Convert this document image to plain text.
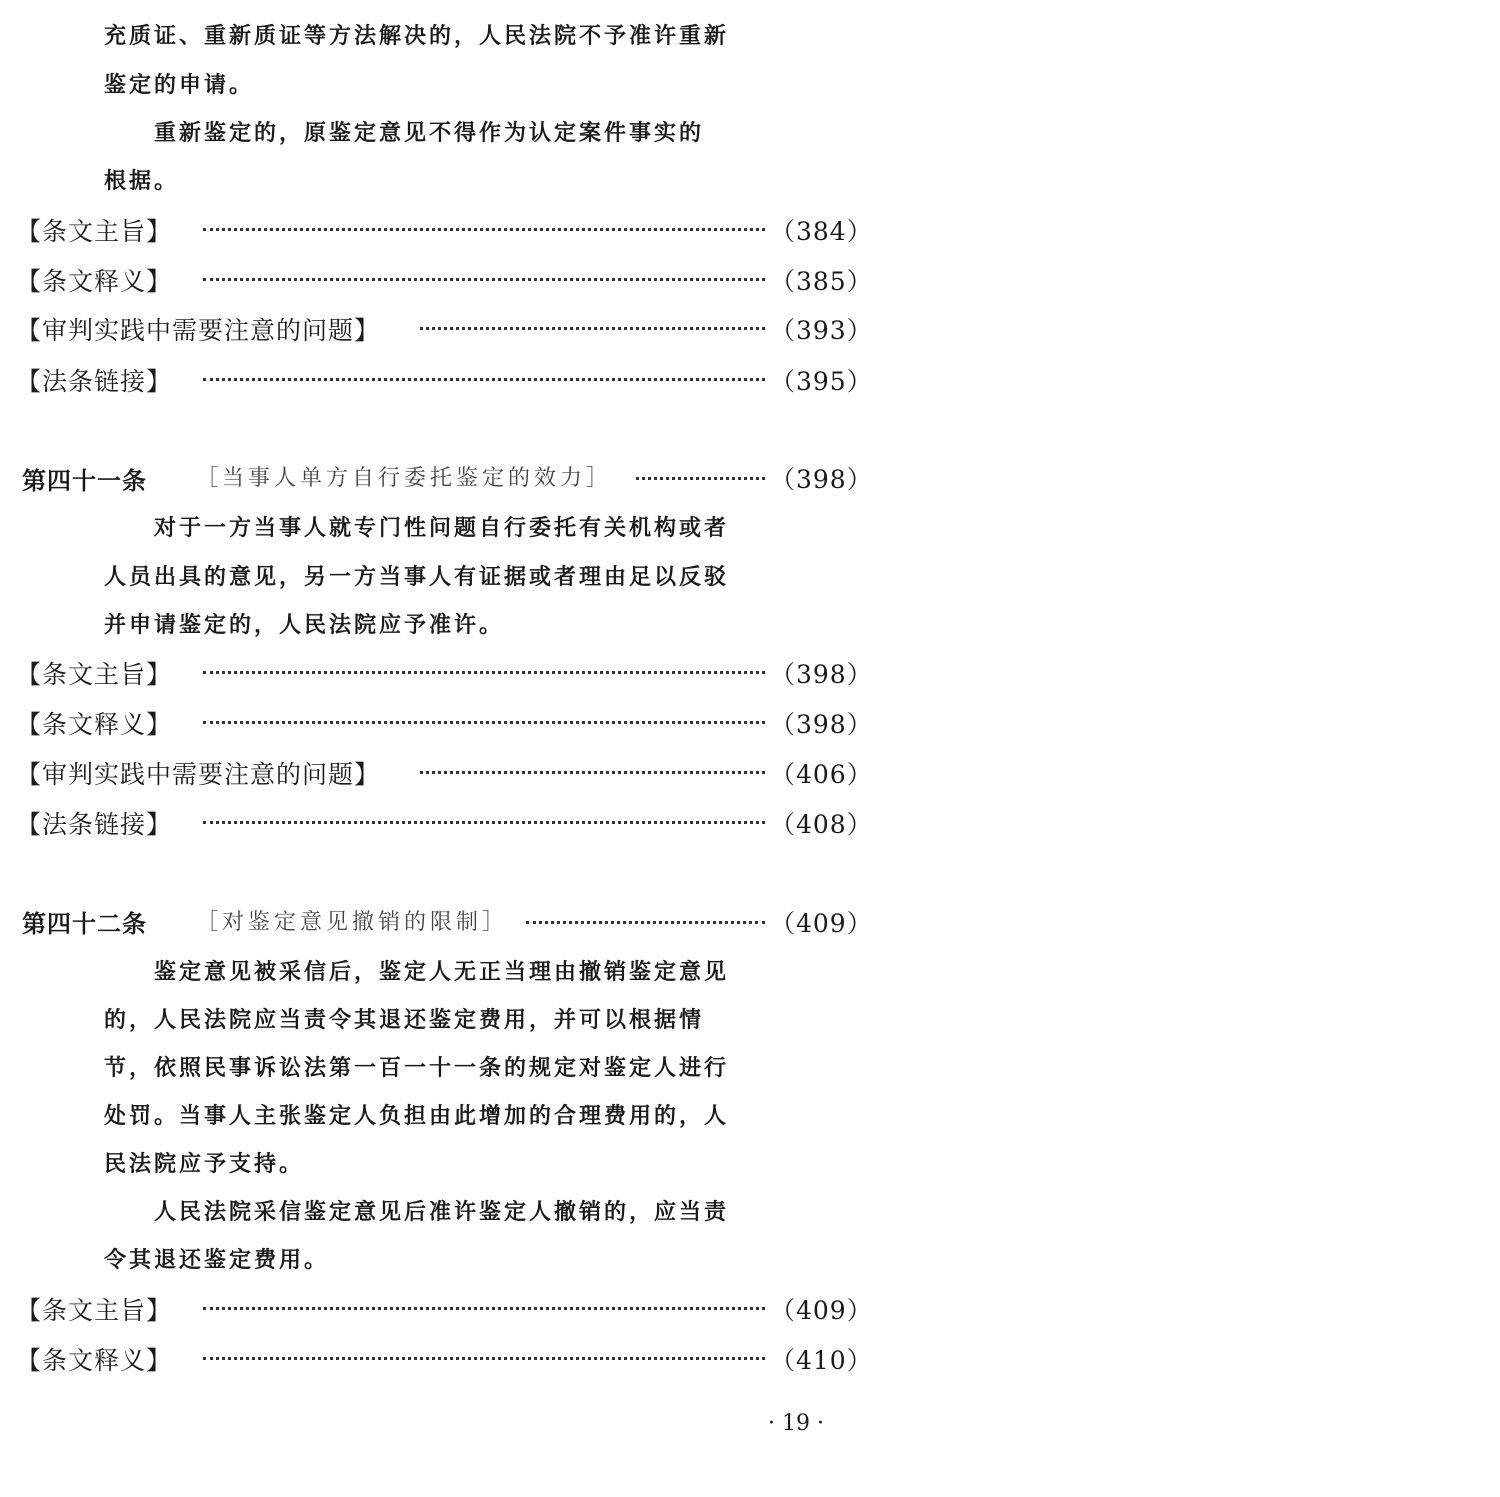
充质证、重新质证等方法解决的，人民法院不予准许重新
鉴定的申请。
重新鉴定的，原鉴定意见不得作为认定案件事实的
根据。
【条文主旨】	（384）
【条文释义】	（385）
【审判实践中需要注意的问题】	（393）
【法条链接】	（395）
第四十一条 ［当事人单方自行委托鉴定的效力］	（398）
对于一方当事人就专门性问题自行委托有关机构或者
人员出具的意见，另一方当事人有证据或者理由足以反驳
并申请鉴定的，人民法院应予准许。
【条文主旨】	（398）
【条文释义】	（398）
【审判实践中需要注意的问题】	（406）
【法条链接】	（408）
第四十二条 ［对鉴定意见撤销的限制］	（409）
鉴定意见被采信后，鉴定人无正当理由撤销鉴定意见
的，人民法院应当责令其退还鉴定费用，并可以根据情
节，依照民事诉讼法第一百一十一条的规定对鉴定人进行
处罚。当事人主张鉴定人负担由此增加的合理费用的，人
民法院应予支持。
人民法院采信鉴定意见后准许鉴定人撤销的，应当责
令其退还鉴定费用。
【条文主旨】	（409）
【条文释义】	（410）
· 19 ·
